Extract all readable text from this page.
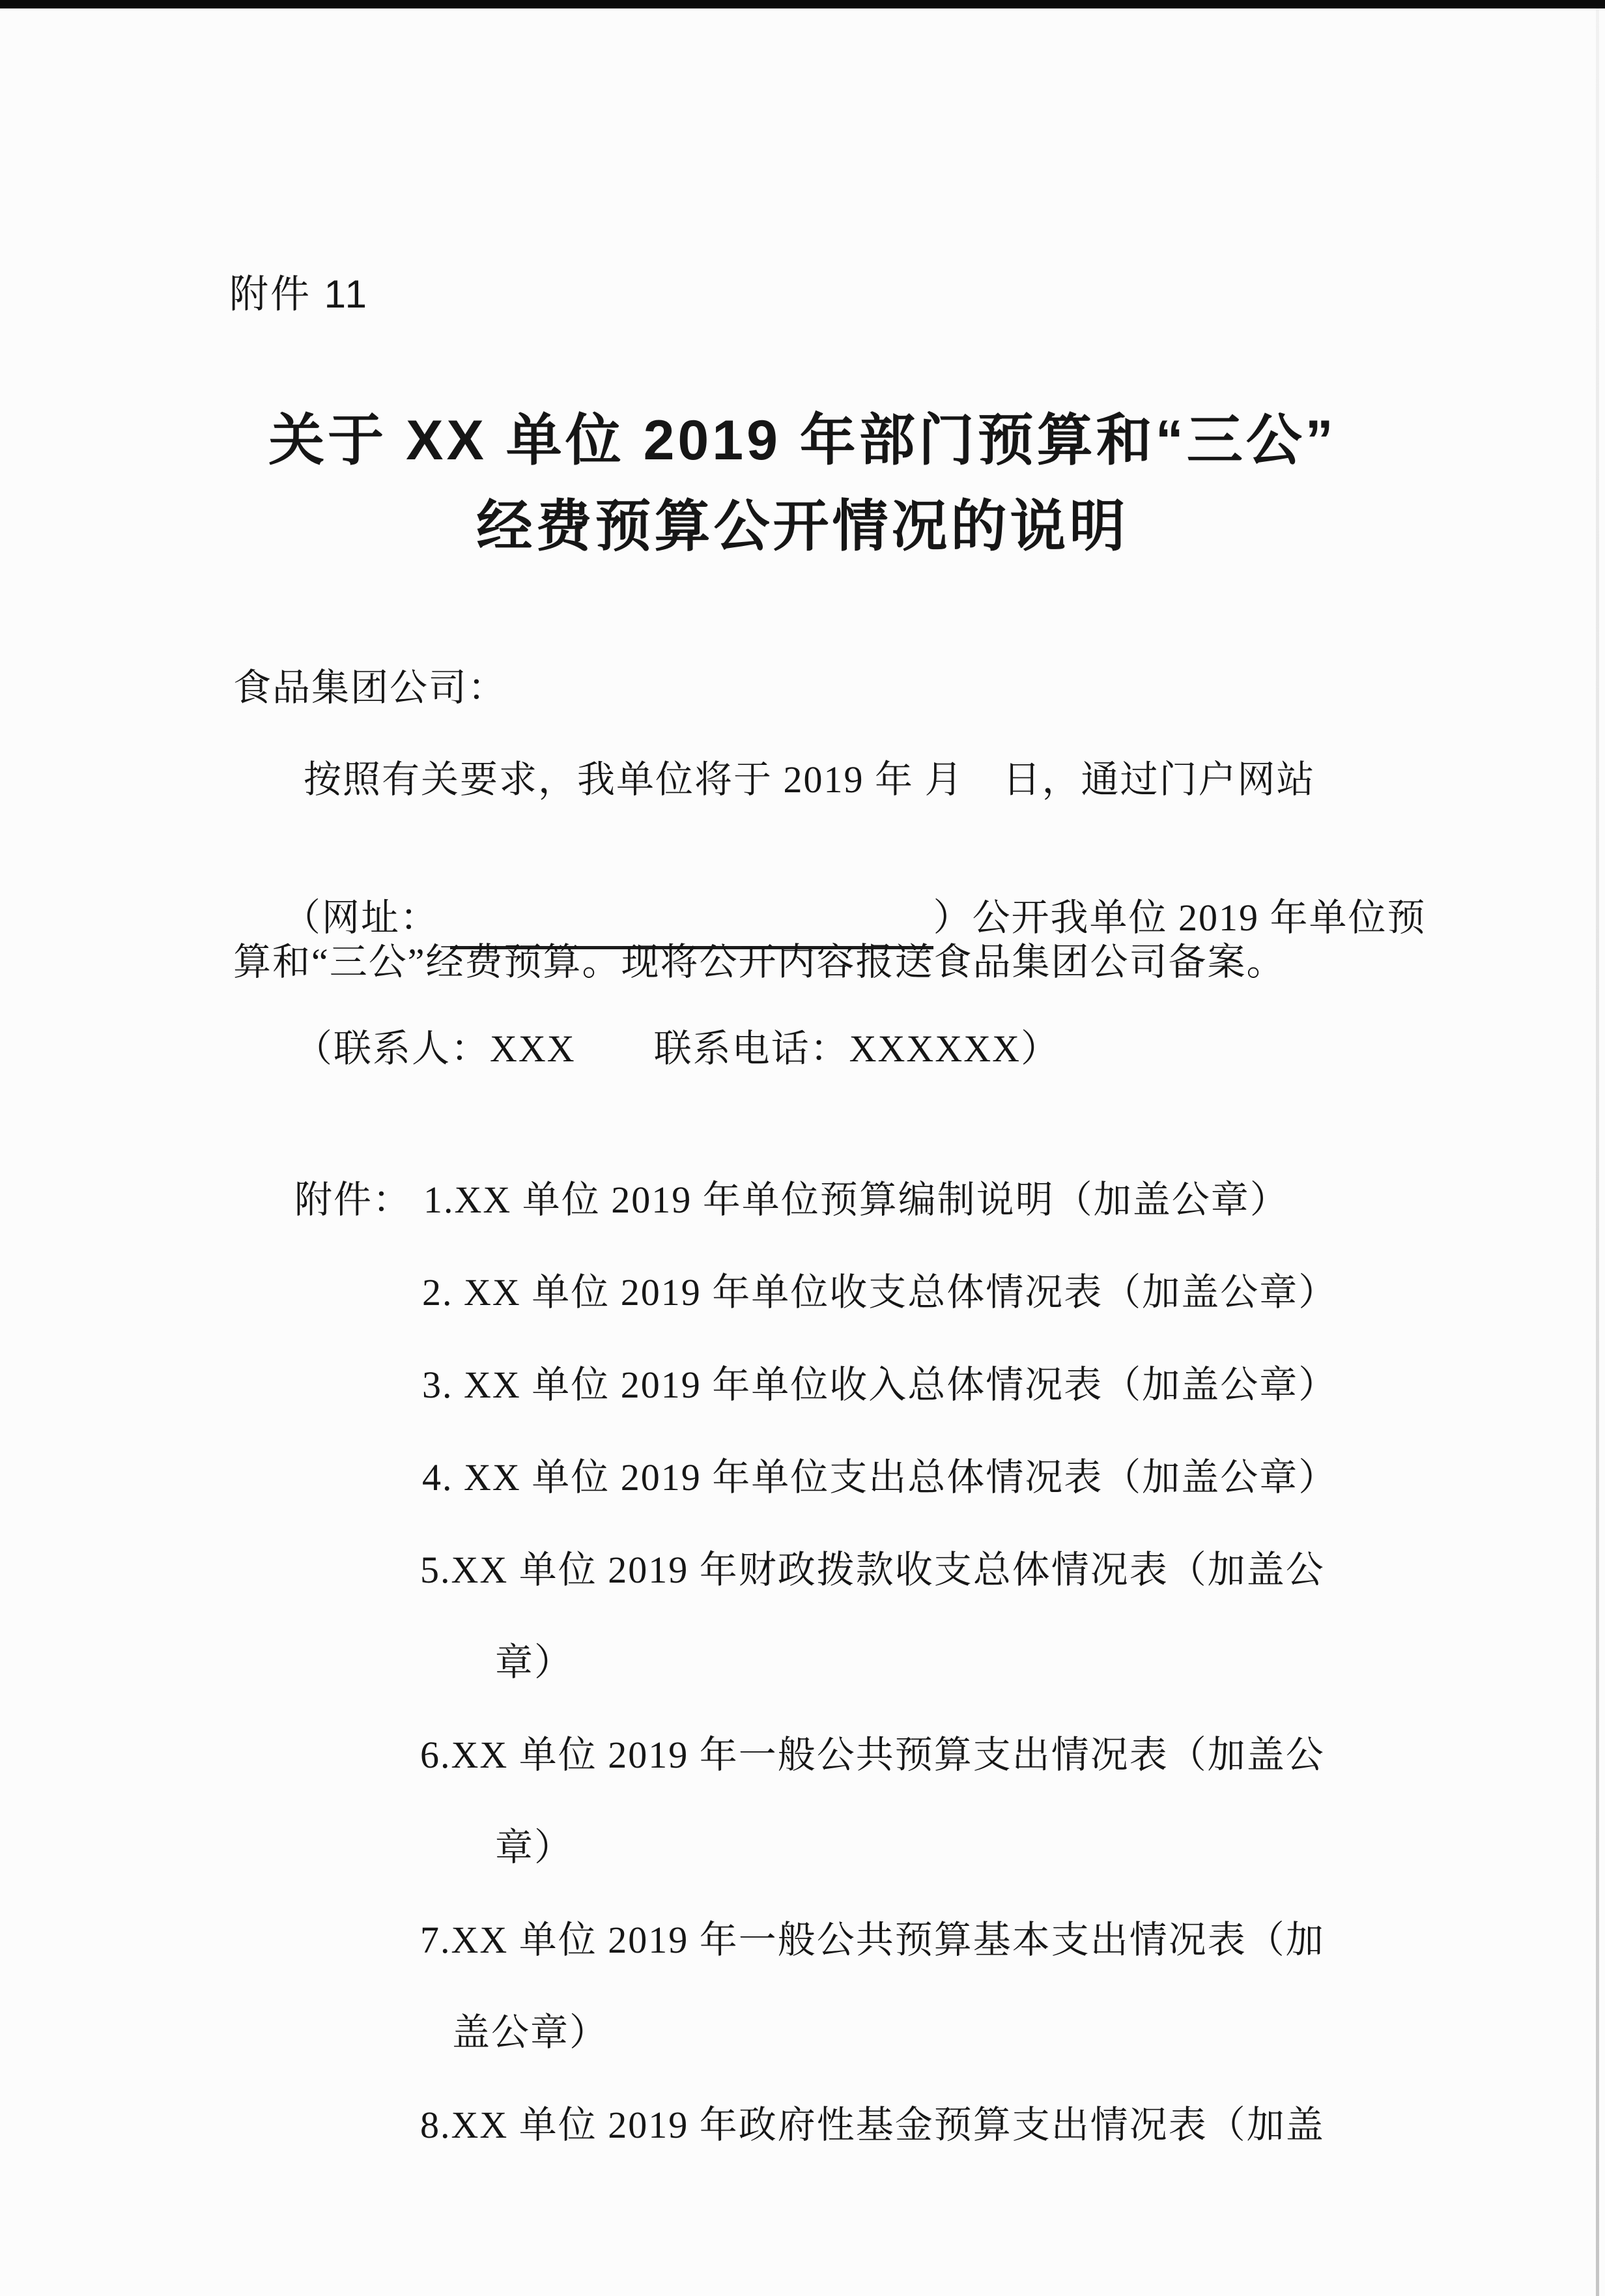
附件 11
关于 XX 单位 2019 年部门预算和“三公”
经费预算公开情况的说明
食品集团公司：
按照有关要求，我单位将于 2019 年 月　日，通过门户网站

（网址：	）公开我单位 2019 年单位预

算和“三公”经费预算。现将公开内容报送食品集团公司备案。
（联系人：XXX　　联系电话：XXXXXX）
附件： 1.XX 单位 2019 年单位预算编制说明（加盖公章）
2. XX 单位 2019 年单位收支总体情况表（加盖公章）
3. XX 单位 2019 年单位收入总体情况表（加盖公章）
4. XX 单位 2019 年单位支出总体情况表（加盖公章）
5.XX 单位 2019 年财政拨款收支总体情况表（加盖公
章）
6.XX 单位 2019 年一般公共预算支出情况表（加盖公
章）
7.XX 单位 2019 年一般公共预算基本支出情况表（加
盖公章）
8.XX 单位 2019 年政府性基金预算支出情况表（加盖
